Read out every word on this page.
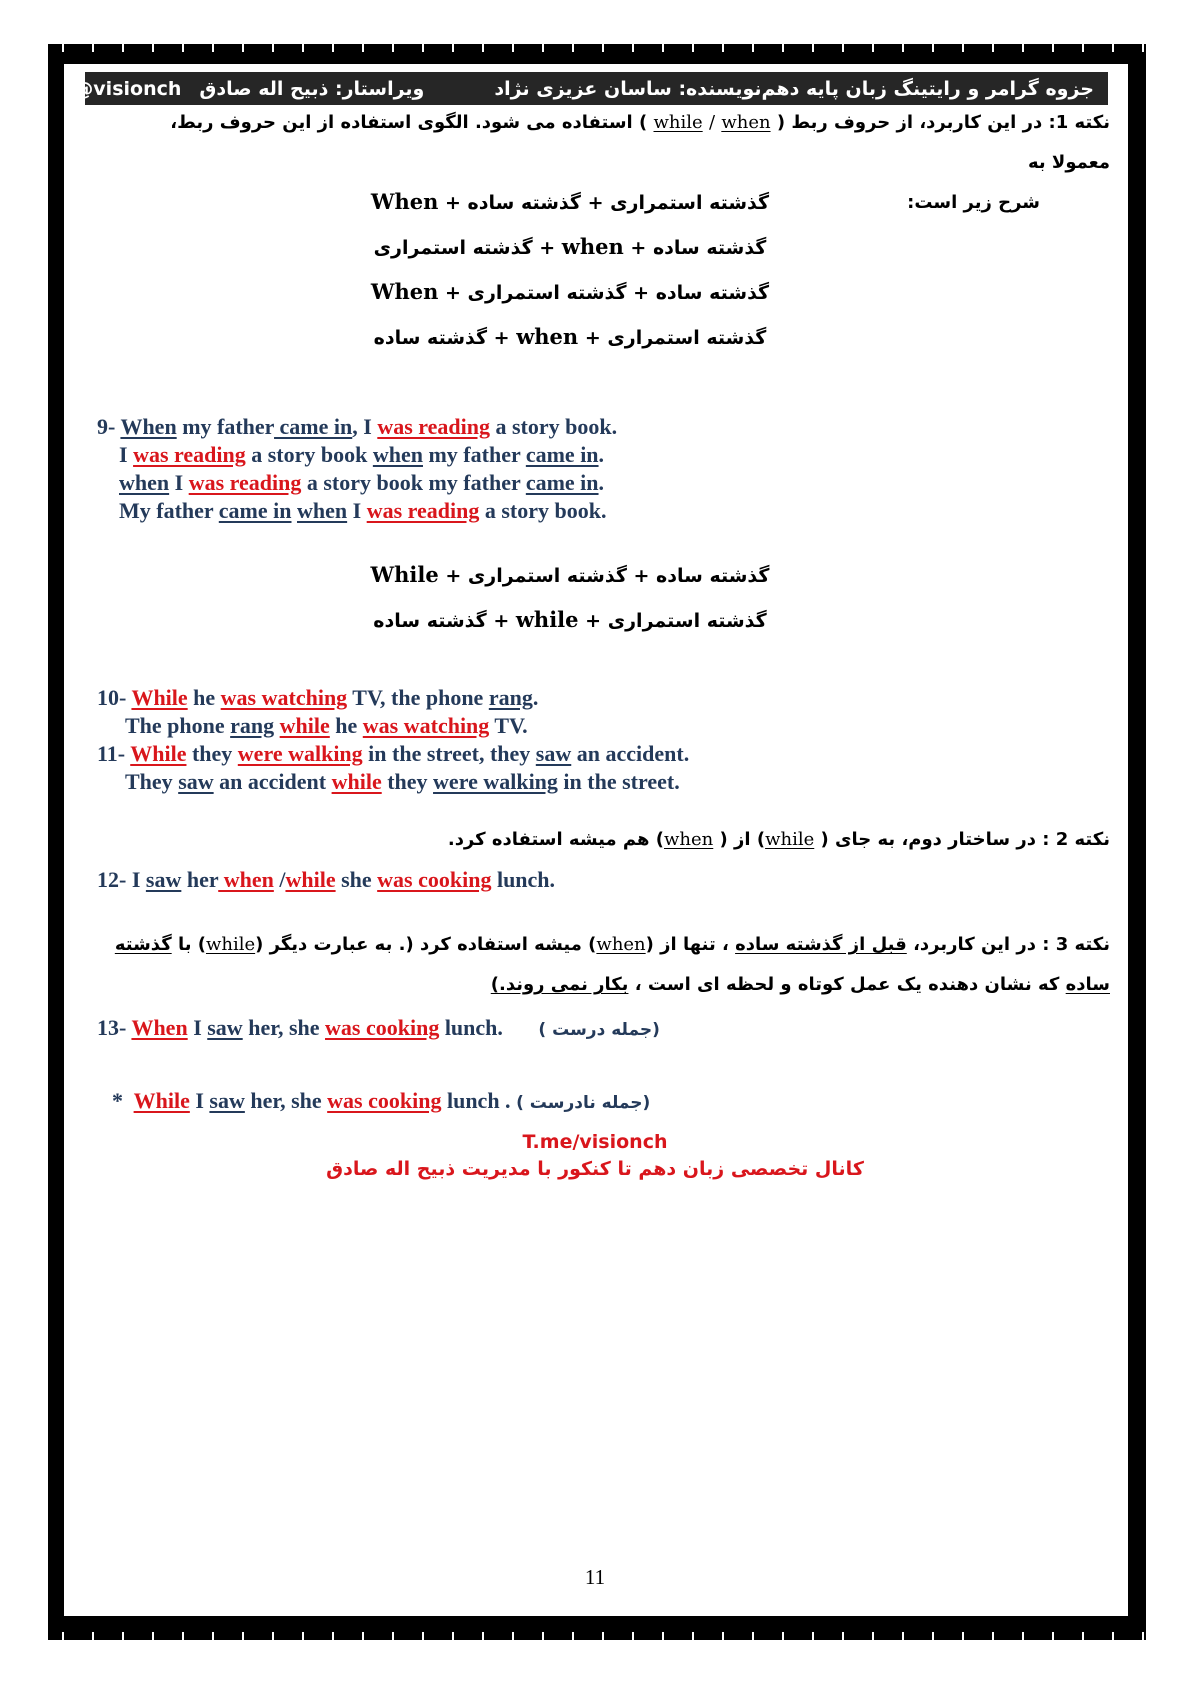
جزوه گرامر و رایتینگ زبان پایه دهم
نویسنده: ساسان عزیزی نژاد
ویراستار: ذبیح اله صادق
@visionch
نکته 1: در این کاربرد، از حروف ربط ( while / when ) استفاده می شود. الگوی استفاده از این حروف ربط، معمولا به
شرح زیر است:
گذشته استمراری + گذشته ساده + When
گذشته ساده + when + گذشته استمراری
گذشته ساده + گذشته استمراری + When
گذشته استمراری + when + گذشته ساده
9- When my father came in, I was reading a story book.
I was reading a story book when my father came in.
when I was reading a story book my father came in.
My father came in when I was reading a story book.
گذشته ساده + گذشته استمراری + While
گذشته استمراری + while + گذشته ساده
10- While he was watching TV, the phone rang.
The phone rang while he was watching TV.
11- While they were walking in the street, they saw an accident.
They saw an accident while they were walking in the street.
نکته 2 : در ساختار دوم، به جای ( while) از ( when) هم میشه استفاده کرد.
12- I saw her when /while she was cooking lunch.
نکته 3 : در این کاربرد، قبل از گذشته ساده ، تنها از (when) میشه استفاده کرد (. به عبارت دیگر (while) با گذشته
ساده که نشان دهنده یک عمل کوتاه و لحظه ای است ، بکار نمی روند.)
13- When I saw her, she was cooking lunch. (جمله درست )
* While I saw her, she was cooking lunch . (جمله نادرست )
T.me/visionch
کانال تخصصی زبان دهم تا کنکور با مدیریت ذبیح اله صادق
11
